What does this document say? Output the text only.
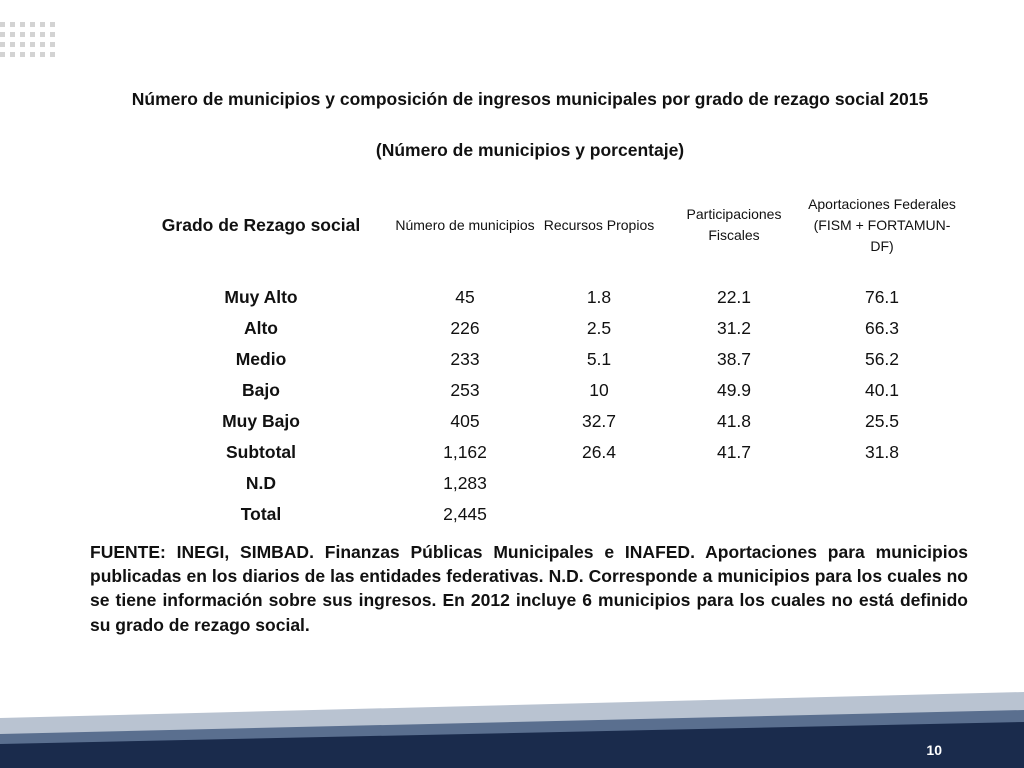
Número de municipios y composición de ingresos municipales por grado de rezago social 2015
(Número de municipios y porcentaje)
Grado de Rezago social	Número de municipios	Recursos Propios	Participaciones Fiscales	Aportaciones Federales (FISM + FORTAMUN-DF)
Muy Alto	45	1.8	22.1	76.1
Alto	226	2.5	31.2	66.3
Medio	233	5.1	38.7	56.2
Bajo	253	10	49.9	40.1
Muy Bajo	405	32.7	41.8	25.5
Subtotal	1,162	26.4	41.7	31.8
N.D	1,283			
Total	2,445			
FUENTE: INEGI, SIMBAD. Finanzas Públicas Municipales e INAFED. Aportaciones para municipios publicadas en los diarios de las entidades federativas. N.D. Corresponde a municipios para los cuales no se tiene información sobre sus ingresos. En 2012 incluye 6 municipios para los cuales no está definido su grado de rezago social.
10
